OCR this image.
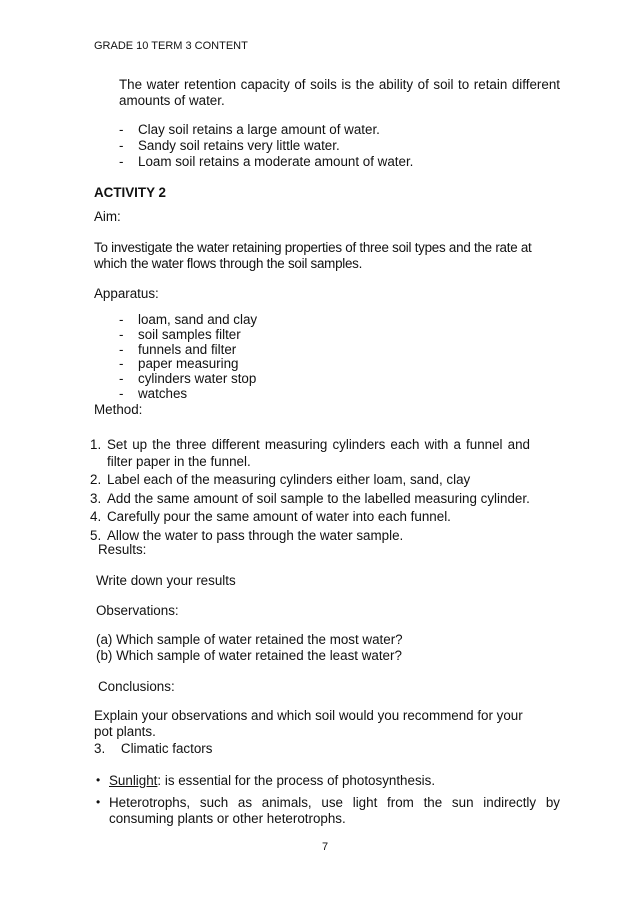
GRADE 10 TERM 3 CONTENT
The water retention capacity of soils is the ability of soil to retain different amounts of water.
- Clay soil retains a large amount of water.
- Sandy soil retains very little water.
- Loam soil retains a moderate amount of water.
ACTIVITY 2
Aim:
To investigate the water retaining properties of three soil types and the rate at which the water flows through the soil samples.
Apparatus:
- loam, sand and clay
- soil samples filter
- funnels and filter
- paper measuring
- cylinders water stop
- watches
Method:
1. Set up the three different measuring cylinders each with a funnel and filter paper in the funnel.
2. Label each of the measuring cylinders either loam, sand, clay
3. Add the same amount of soil sample to the labelled measuring cylinder.
4. Carefully pour the same amount of water into each funnel.
5. Allow the water to pass through the water sample.
Results:
Write down your results
Observations:
(a) Which sample of water retained the most water?
(b) Which sample of water retained the least water?
Conclusions:
Explain your observations and which soil would you recommend for your pot plants.
3. Climatic factors
• Sunlight: is essential for the process of photosynthesis.
• Heterotrophs, such as animals, use light from the sun indirectly by consuming plants or other heterotrophs.
7
